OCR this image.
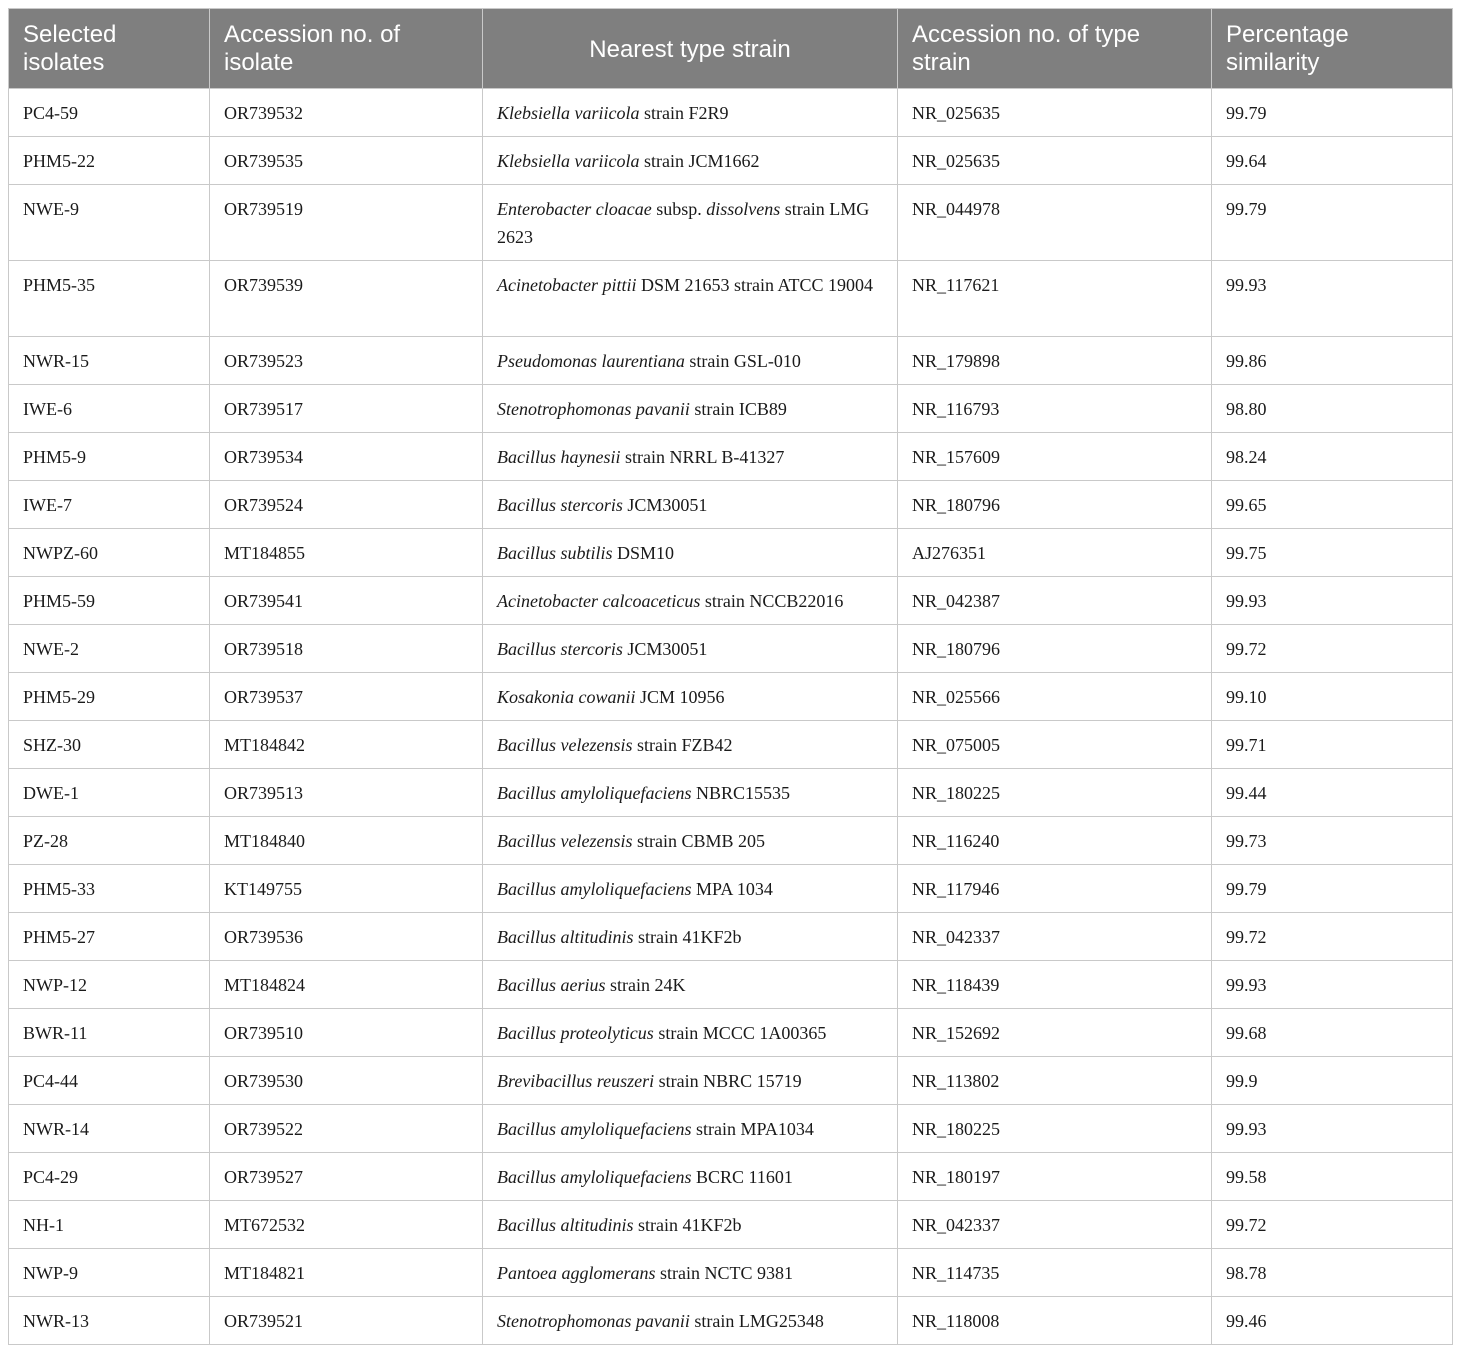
Selected isolates	Accession no. of isolate	Nearest type strain	Accession no. of type strain	Percentage similarity
PC4-59	OR739532	Klebsiella variicola strain F2R9	NR_025635	99.79
PHM5-22	OR739535	Klebsiella variicola strain JCM1662	NR_025635	99.64
NWE-9	OR739519	Enterobacter cloacae subsp. dissolvens strain LMG 2623	NR_044978	99.79
PHM5-35	OR739539	Acinetobacter pittii DSM 21653 strain ATCC 19004	NR_117621	99.93
NWR-15	OR739523	Pseudomonas laurentiana strain GSL-010	NR_179898	99.86
IWE-6	OR739517	Stenotrophomonas pavanii strain ICB89	NR_116793	98.80
PHM5-9	OR739534	Bacillus haynesii strain NRRL B-41327	NR_157609	98.24
IWE-7	OR739524	Bacillus stercoris JCM30051	NR_180796	99.65
NWPZ-60	MT184855	Bacillus subtilis DSM10	AJ276351	99.75
PHM5-59	OR739541	Acinetobacter calcoaceticus strain NCCB22016	NR_042387	99.93
NWE-2	OR739518	Bacillus stercoris JCM30051	NR_180796	99.72
PHM5-29	OR739537	Kosakonia cowanii JCM 10956	NR_025566	99.10
SHZ-30	MT184842	Bacillus velezensis strain FZB42	NR_075005	99.71
DWE-1	OR739513	Bacillus amyloliquefaciens NBRC15535	NR_180225	99.44
PZ-28	MT184840	Bacillus velezensis strain CBMB 205	NR_116240	99.73
PHM5-33	KT149755	Bacillus amyloliquefaciens MPA 1034	NR_117946	99.79
PHM5-27	OR739536	Bacillus altitudinis strain 41KF2b	NR_042337	99.72
NWP-12	MT184824	Bacillus aerius strain 24K	NR_118439	99.93
BWR-11	OR739510	Bacillus proteolyticus strain MCCC 1A00365	NR_152692	99.68
PC4-44	OR739530	Brevibacillus reuszeri strain NBRC 15719	NR_113802	99.9
NWR-14	OR739522	Bacillus amyloliquefaciens strain MPA1034	NR_180225	99.93
PC4-29	OR739527	Bacillus amyloliquefaciens BCRC 11601	NR_180197	99.58
NH-1	MT672532	Bacillus altitudinis strain 41KF2b	NR_042337	99.72
NWP-9	MT184821	Pantoea agglomerans strain NCTC 9381	NR_114735	98.78
NWR-13	OR739521	Stenotrophomonas pavanii strain LMG25348	NR_118008	99.46
